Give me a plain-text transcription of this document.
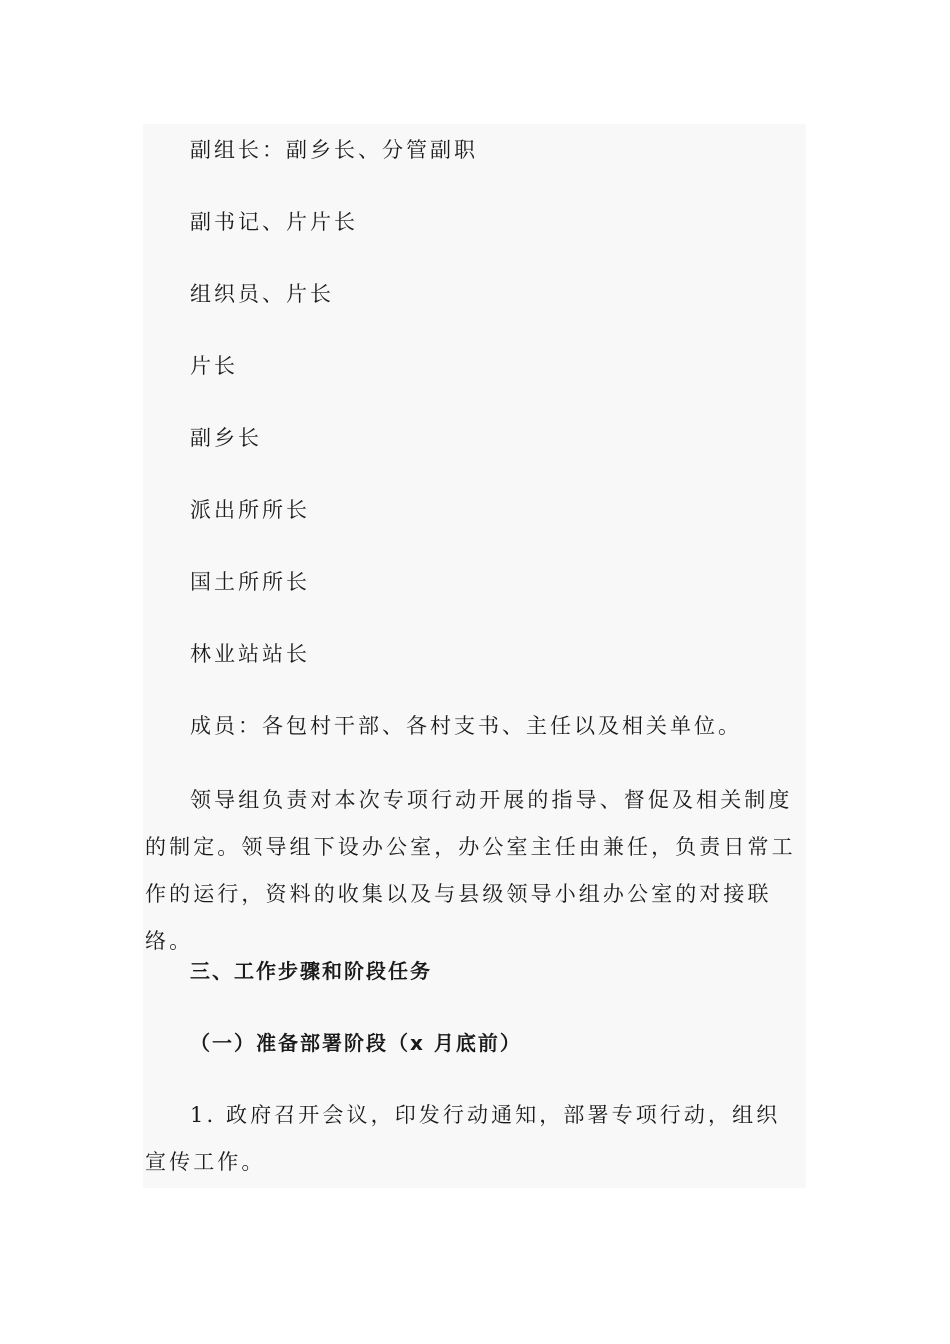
副组长：副乡长、分管副职
副书记、片片长
组织员、片长
片长
副乡长
派出所所长
国土所所长
林业站站长
成员：各包村干部、各村支书、主任以及相关单位。

领导组负责对本次专项行动开展的指导、督促及相关制度的制定。领导组下设办公室，办公室主任由兼任，负责日常工作的运行，资料的收集以及与县级领导小组办公室的对接联络。

三、工作步骤和阶段任务
（一）准备部署阶段（x 月底前）

1. 政府召开会议，印发行动通知，部署专项行动，组织宣传工作。
